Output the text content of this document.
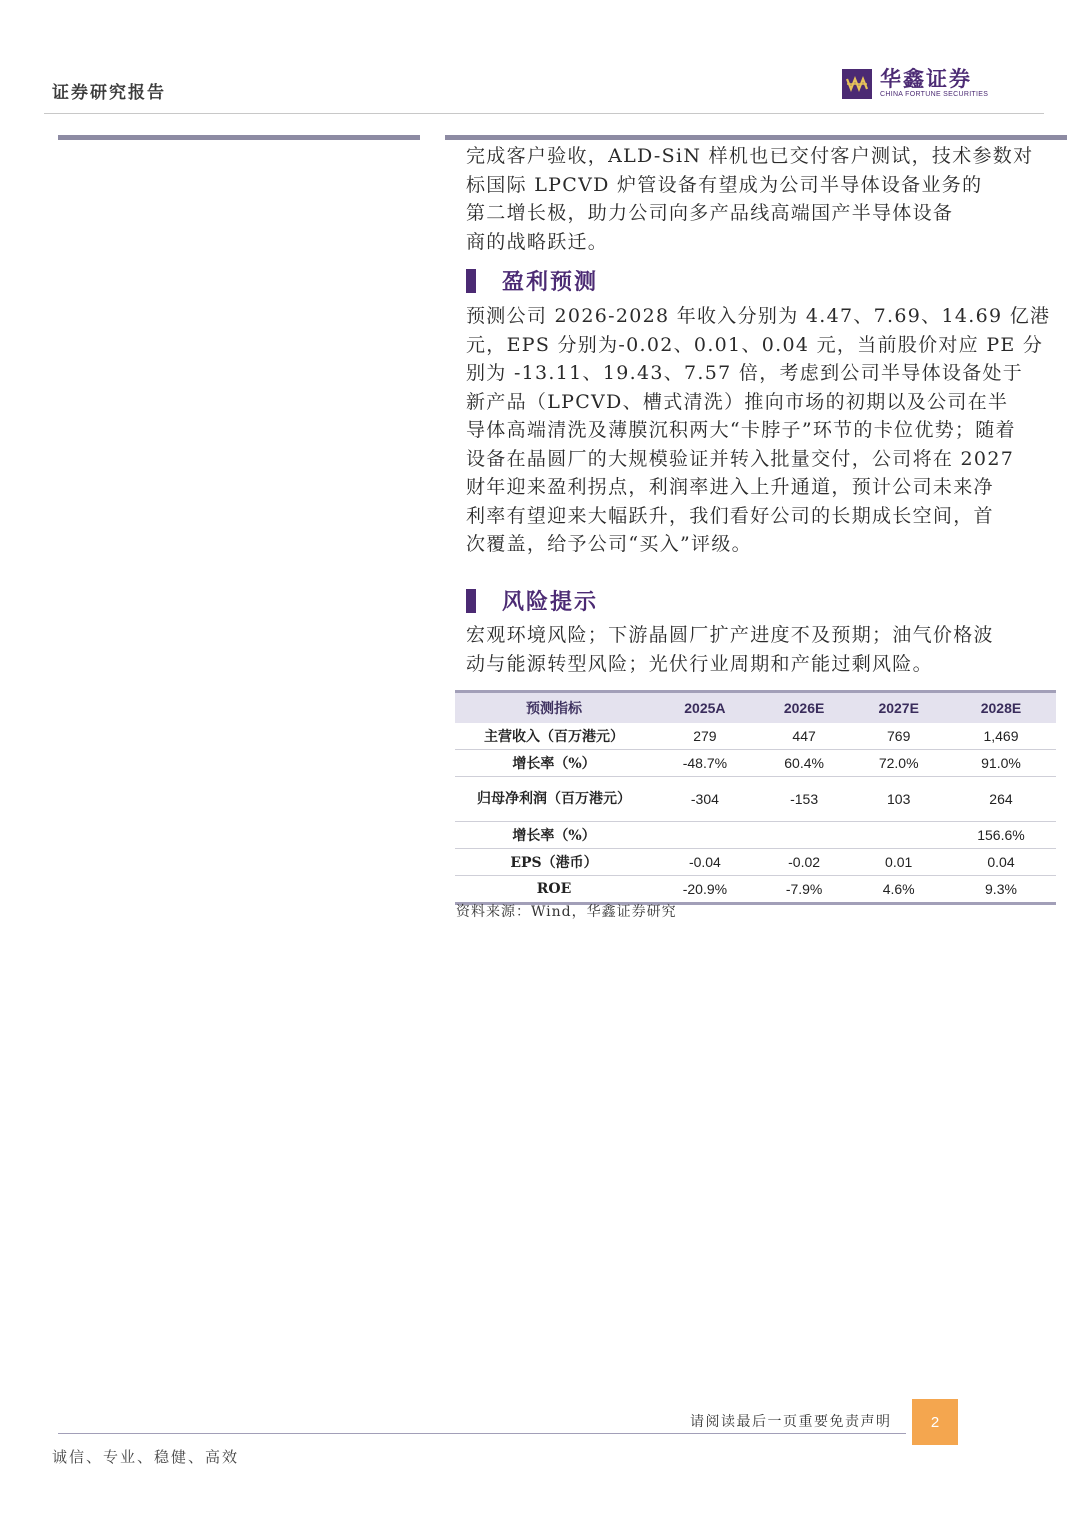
证券研究报告
华鑫证券
CHINA FORTUNE SECURITIES
完成客户验收，ALD-SiN 样机也已交付客户测试，技术参数对
标国际 LPCVD 炉管设备有望成为公司半导体设备业务的
第二增长极，助力公司向多产品线高端国产半导体设备
商的战略跃迁。
盈利预测
预测公司 2026-2028 年收入分别为 4.47、7.69、14.69 亿港
元，EPS 分别为-0.02、0.01、0.04 元，当前股价对应 PE 分
别为 -13.11、19.43、7.57 倍，考虑到公司半导体设备处于
新产品（LPCVD、槽式清洗）推向市场的初期以及公司在半
导体高端清洗及薄膜沉积两大“卡脖子”环节的卡位优势；随着
设备在晶圆厂的大规模验证并转入批量交付，公司将在 2027
财年迎来盈利拐点，利润率进入上升通道，预计公司未来净
利率有望迎来大幅跃升，我们看好公司的长期成长空间，首
次覆盖，给予公司“买入”评级。
风险提示
宏观环境风险；下游晶圆厂扩产进度不及预期；油气价格波
动与能源转型风险；光伏行业周期和产能过剩风险。
预测指标	2025A	2026E	2027E	2028E
主营收入（百万港元）	279	447	769	1,469
增长率（%）	-48.7%	60.4%	72.0%	91.0%
归母净利润（百万港元）	-304	-153	103	264
增长率（%）				156.6%
EPS（港币）	-0.04	-0.02	0.01	0.04
ROE	-20.9%	-7.9%	4.6%	9.3%
资料来源：Wind，华鑫证券研究
请阅读最后一页重要免责声明	2
诚信、专业、稳健、高效
